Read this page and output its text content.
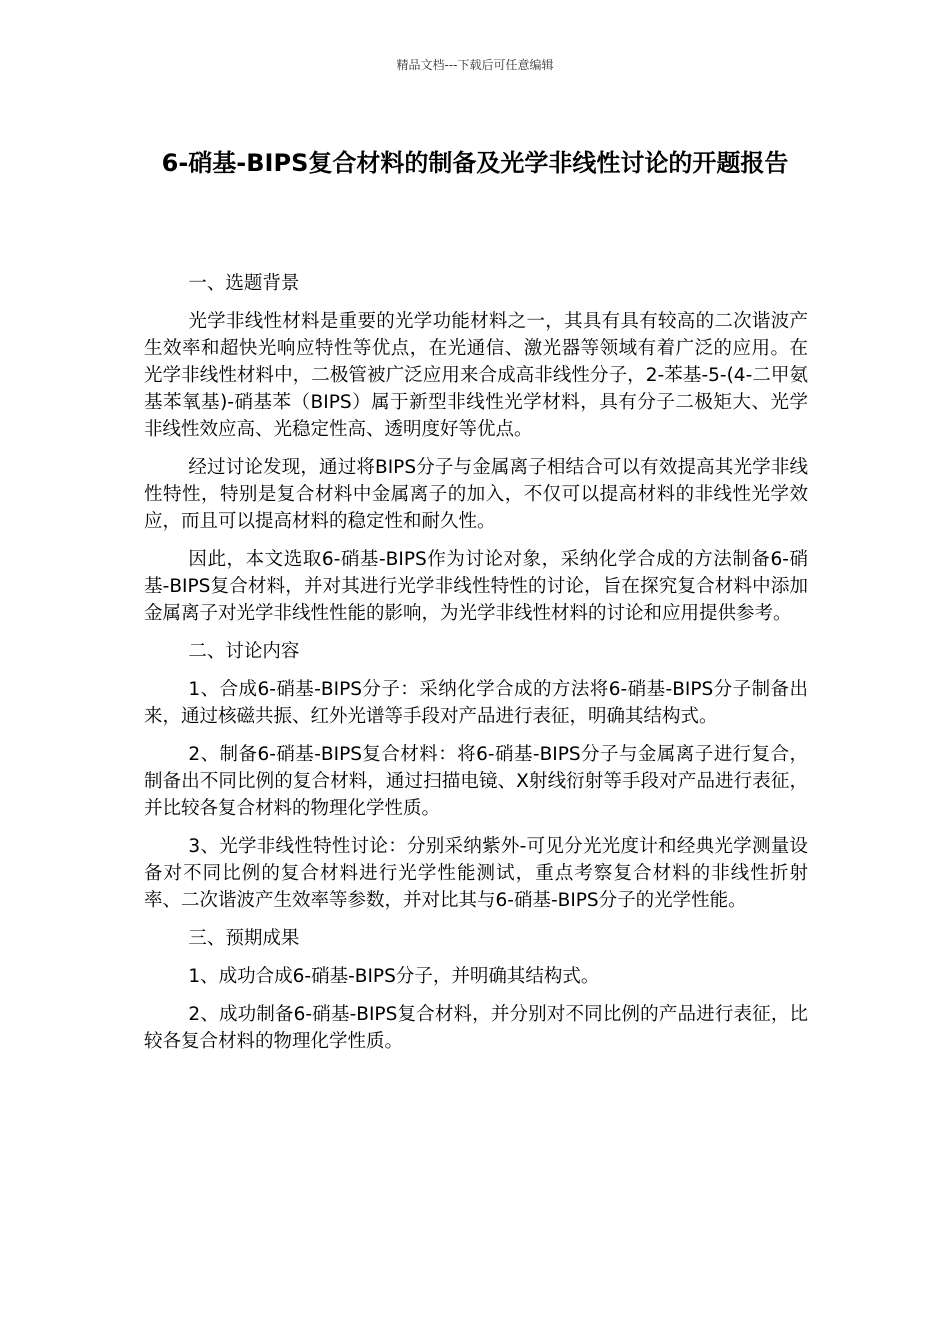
精品文档---下载后可任意编辑
6-硝基-BIPS复合材料的制备及光学非线性讨论的开题报告

一、选题背景

光学非线性材料是重要的光学功能材料之一，其具有具有较高的二次谐波产生效率和超快光响应特性等优点，在光通信、激光器等领域有着广泛的应用。在光学非线性材料中，二极管被广泛应用来合成高非线性分子，2-苯基-5-(4-二甲氨基苯氧基)-硝基苯（BIPS）属于新型非线性光学材料，具有分子二极矩大、光学非线性效应高、光稳定性高、透明度好等优点。

经过讨论发现，通过将BIPS分子与金属离子相结合可以有效提高其光学非线性特性，特别是复合材料中金属离子的加入，不仅可以提高材料的非线性光学效应，而且可以提高材料的稳定性和耐久性。

因此，本文选取6-硝基-BIPS作为讨论对象，采纳化学合成的方法制备6-硝基-BIPS复合材料，并对其进行光学非线性特性的讨论，旨在探究复合材料中添加金属离子对光学非线性性能的影响，为光学非线性材料的讨论和应用提供参考。

二、讨论内容

1、合成6-硝基-BIPS分子：采纳化学合成的方法将6-硝基-BIPS分子制备出来，通过核磁共振、红外光谱等手段对产品进行表征，明确其结构式。

2、制备6-硝基-BIPS复合材料：将6-硝基-BIPS分子与金属离子进行复合，制备出不同比例的复合材料，通过扫描电镜、X射线衍射等手段对产品进行表征，并比较各复合材料的物理化学性质。

3、光学非线性特性讨论：分别采纳紫外-可见分光光度计和经典光学测量设备对不同比例的复合材料进行光学性能测试，重点考察复合材料的非线性折射率、二次谐波产生效率等参数，并对比其与6-硝基-BIPS分子的光学性能。

三、预期成果

1、成功合成6-硝基-BIPS分子，并明确其结构式。

2、成功制备6-硝基-BIPS复合材料，并分别对不同比例的产品进行表征，比较各复合材料的物理化学性质。
